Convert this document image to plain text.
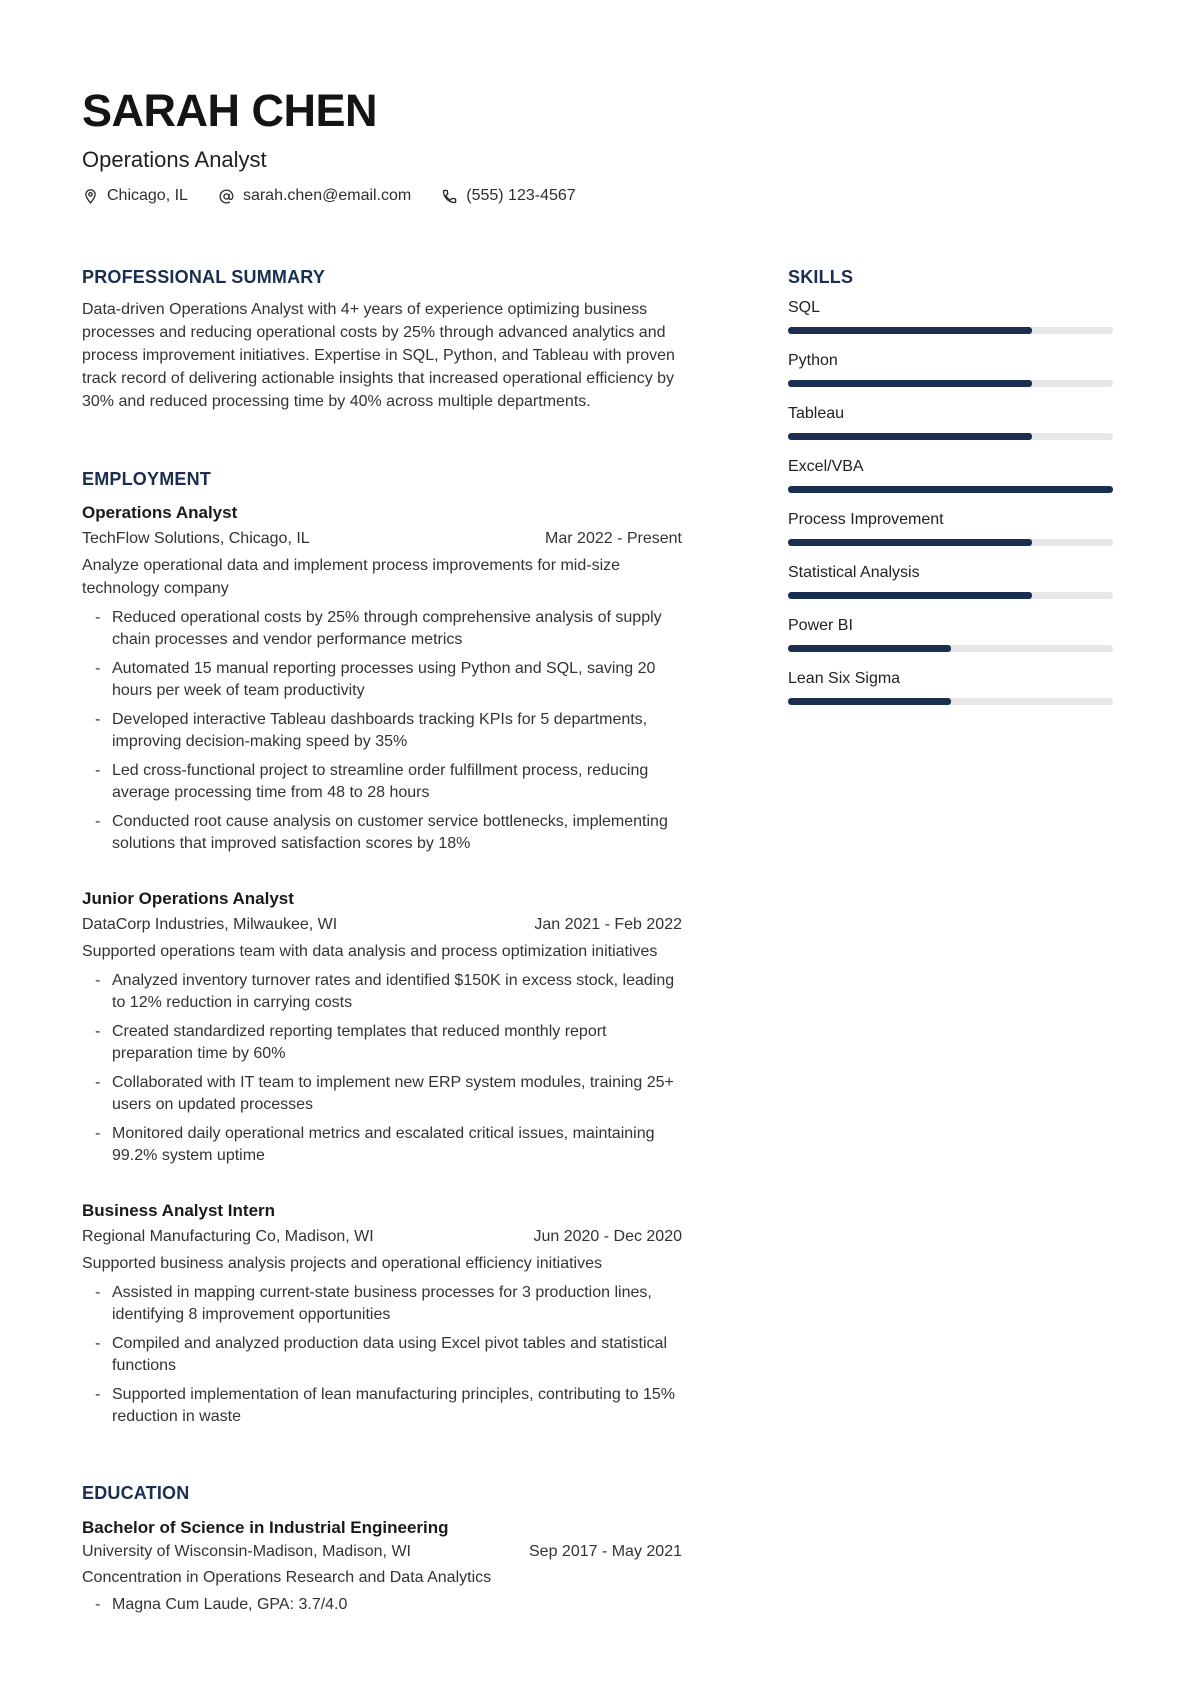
SARAH CHEN
Operations Analyst
Chicago, IL	sarah.chen@email.com	(555) 123-4567
PROFESSIONAL SUMMARY

Data-driven Operations Analyst with 4+ years of experience optimizing business processes and reducing operational costs by 25% through advanced analytics and process improvement initiatives. Expertise in SQL, Python, and Tableau with proven track record of delivering actionable insights that increased operational efficiency by 30% and reduced processing time by 40% across multiple departments.

EMPLOYMENT
Operations Analyst
TechFlow Solutions, Chicago, IL	Mar 2022 - Present
Analyze operational data and implement process improvements for mid-size technology company
- Reduced operational costs by 25% through comprehensive analysis of supply chain processes and vendor performance metrics
- Automated 15 manual reporting processes using Python and SQL, saving 20 hours per week of team productivity
- Developed interactive Tableau dashboards tracking KPIs for 5 departments, improving decision-making speed by 35%
- Led cross-functional project to streamline order fulfillment process, reducing average processing time from 48 to 28 hours
- Conducted root cause analysis on customer service bottlenecks, implementing solutions that improved satisfaction scores by 18%
Junior Operations Analyst
DataCorp Industries, Milwaukee, WI	Jan 2021 - Feb 2022
Supported operations team with data analysis and process optimization initiatives
- Analyzed inventory turnover rates and identified $150K in excess stock, leading to 12% reduction in carrying costs
- Created standardized reporting templates that reduced monthly report preparation time by 60%
- Collaborated with IT team to implement new ERP system modules, training 25+ users on updated processes
- Monitored daily operational metrics and escalated critical issues, maintaining 99.2% system uptime
Business Analyst Intern
Regional Manufacturing Co, Madison, WI	Jun 2020 - Dec 2020
Supported business analysis projects and operational efficiency initiatives
- Assisted in mapping current-state business processes for 3 production lines, identifying 8 improvement opportunities
- Compiled and analyzed production data using Excel pivot tables and statistical functions
- Supported implementation of lean manufacturing principles, contributing to 15% reduction in waste
EDUCATION
Bachelor of Science in Industrial Engineering
University of Wisconsin-Madison, Madison, WI	Sep 2017 - May 2021
Concentration in Operations Research and Data Analytics
- Magna Cum Laude, GPA: 3.7/4.0
SKILLS
SQL
Python
Tableau
Excel/VBA
Process Improvement
Statistical Analysis
Power BI
Lean Six Sigma
